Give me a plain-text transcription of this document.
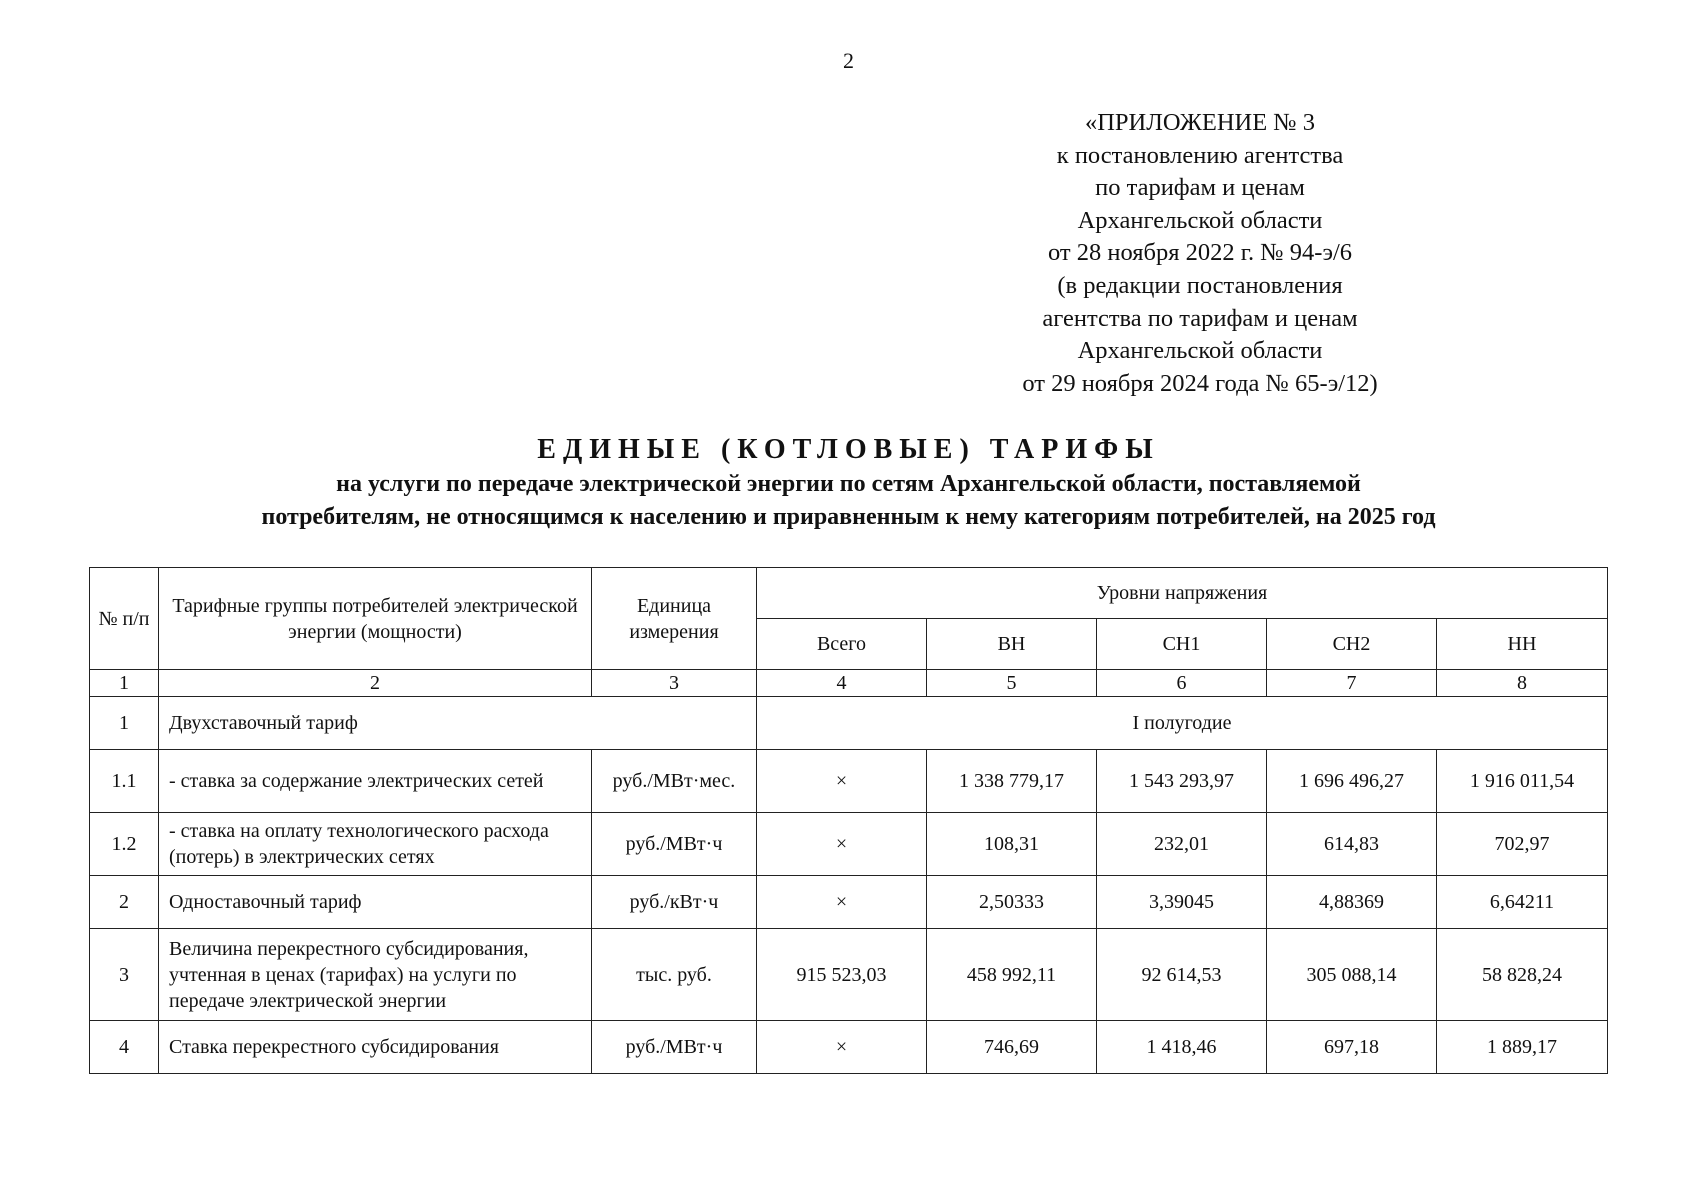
2
«ПРИЛОЖЕНИЕ № 3
к постановлению агентства
по тарифам и ценам
Архангельской области
от 28 ноября 2022 г. № 94-э/6
(в редакции постановления
агентства по тарифам и ценам
Архангельской области
от 29 ноября 2024 года № 65-э/12)
ЕДИНЫЕ (КОТЛОВЫЕ) ТАРИФЫ
на услуги по передаче электрической энергии по сетям Архангельской области, поставляемой
потребителям, не относящимся к населению и приравненным к нему категориям потребителей, на 2025 год
№ п/п	Тарифные группы потребителей электрической энергии (мощности)	Единица измерения	Уровни напряжения				
			Всего	ВН	СН1	СН2	НН
1	2	3	4	5	6	7	8
1	Двухставочный тариф		I полугодие				
1.1	- ставка за содержание электрических сетей	руб./МВт·мес.	×	1 338 779,17	1 543 293,97	1 696 496,27	1 916 011,54
1.2	- ставка на оплату технологического расхода (потерь) в электрических сетях	руб./МВт·ч	×	108,31	232,01	614,83	702,97
2	Одноставочный тариф	руб./кВт·ч	×	2,50333	3,39045	4,88369	6,64211
3	Величина перекрестного субсидирования, учтенная в ценах (тарифах) на услуги по передаче электрической энергии	тыс. руб.	915 523,03	458 992,11	92 614,53	305 088,14	58 828,24
4	Ставка перекрестного субсидирования	руб./МВт·ч	×	746,69	1 418,46	697,18	1 889,17
